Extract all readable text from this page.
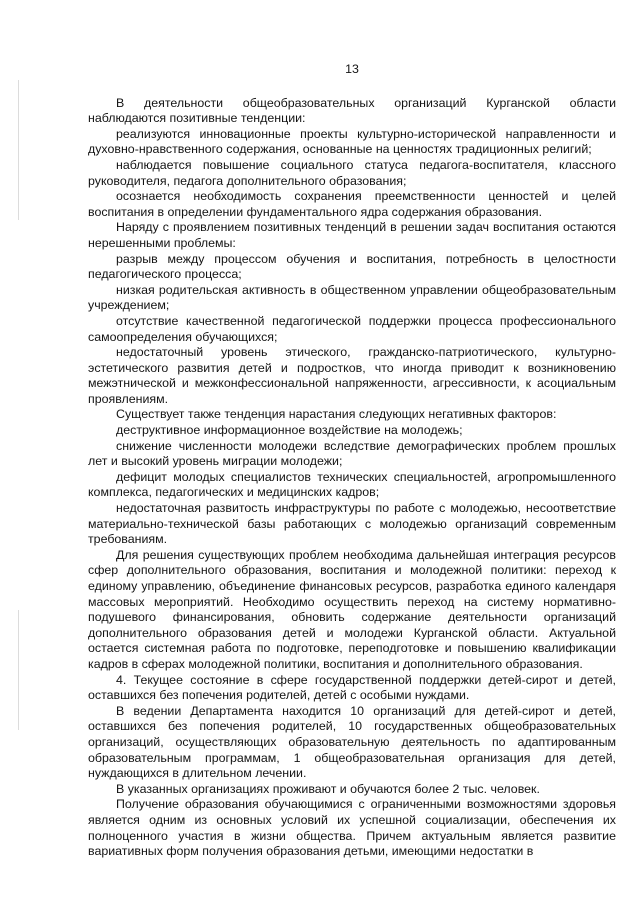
13

В деятельности общеобразовательных организаций Курганской области наблюдаются позитивные тенденции:

реализуются инновационные проекты культурно-исторической направленности и духовно-нравственного содержания, основанные на ценностях традиционных религий;

наблюдается повышение социального статуса педагога-воспитателя, классного руководителя, педагога дополнительного образования;

осознается необходимость сохранения преемственности ценностей и целей воспитания в определении фундаментального ядра содержания образования.

Наряду с проявлением позитивных тенденций в решении задач воспитания остаются нерешенными проблемы:

разрыв между процессом обучения и воспитания, потребность в целостности педагогического процесса;

низкая родительская активность в общественном управлении общеобразовательным учреждением;

отсутствие качественной педагогической поддержки процесса профессионального самоопределения обучающихся;

недостаточный уровень этического, гражданско-патриотического, культурно-эстетического развития детей и подростков, что иногда приводит к возникновению межэтнической и межконфессиональной напряженности, агрессивности, к асоциальным проявлениям.

Существует также тенденция нарастания следующих негативных факторов:

деструктивное информационное воздействие на молодежь;

снижение численности молодежи вследствие демографических проблем прошлых лет и высокий уровень миграции молодежи;

дефицит молодых специалистов технических специальностей, агропромышленного комплекса, педагогических и медицинских кадров;

недостаточная развитость инфраструктуры по работе с молодежью, несоответствие материально-технической базы работающих с молодежью организаций современным требованиям.

Для решения существующих проблем необходима дальнейшая интеграция ресурсов сфер дополнительного образования, воспитания и молодежной политики: переход к единому управлению, объединение финансовых ресурсов, разработка единого календаря массовых мероприятий. Необходимо осуществить переход на систему нормативно-подушевого финансирования, обновить содержание деятельности организаций дополнительного образования детей и молодежи Курганской области. Актуальной остается системная работа по подготовке, переподготовке и повышению квалификации кадров в сферах молодежной политики, воспитания и дополнительного образования.

4. Текущее состояние в сфере государственной поддержки детей-сирот и детей, оставшихся без попечения родителей, детей с особыми нуждами.

В ведении Департамента находится 10 организаций для детей-сирот и детей, оставшихся без попечения родителей, 10 государственных общеобразовательных организаций, осуществляющих образовательную деятельность по адаптированным образовательным программам, 1 общеобразовательная организация для детей, нуждающихся в длительном лечении.

В указанных организациях проживают и обучаются более 2 тыс. человек.

Получение образования обучающимися с ограниченными возможностями здоровья является одним из основных условий их успешной социализации, обеспечения их полноценного участия в жизни общества. Причем актуальным является развитие вариативных форм получения образования детьми, имеющими недостатки в
